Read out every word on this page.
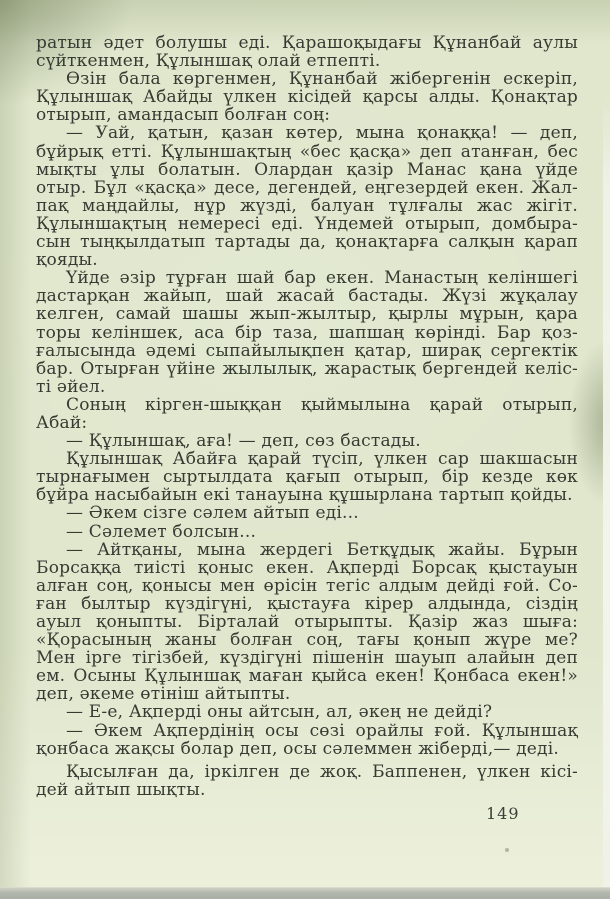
ратын әдет болушы еді. Қарашоқыдағы Құнанбай аулы
сүйткенмен, Құлыншақ олай етпепті.
Өзін бала көргенмен, Құнанбай жібергенін ескеріп,
Құлыншақ Абайды үлкен кісідей қарсы алды. Қонақтар
отырып, амандасып болған соң:
— Уай, қатын, қазан көтер, мына қонаққа! — деп,
бұйрық етті. Құлыншақтың «бес қасқа» деп атанған, бес
мықты ұлы болатын. Олардан қазір Манас қана үйде
отыр. Бұл «қасқа» десе, дегендей, еңгезердей екен. Жал-
пақ маңдайлы, нұр жүзді, балуан тұлғалы жас жігіт.
Құлыншақтың немересі еді. Үндемей отырып, домбыра-
сын тыңқылдатып тартады да, қонақтарға салқын қарап
қояды.
Үйде әзір тұрған шай бар екен. Манастың келіншегі
дастарқан жайып, шай жасай бастады. Жүзі жұқалау
келген, самай шашы жып-жылтыр, қырлы мұрын, қара
торы келіншек, аса бір таза, шапшаң көрінді. Бар қоз-
ғалысында әдемі сыпайылықпен қатар, ширақ сергектік
бар. Отырған үйіне жылылық, жарастық бергендей келіс-
ті әйел.
Соның кірген-шыққан қыймылына қарай отырып,
Абай:
— Құлыншақ, аға! — деп, сөз бастады.
Құлыншақ Абайға қарай түсіп, үлкен сар шакшасын
тырнағымен сыртылдата қағып отырып, бір кезде көк
бұйра насыбайын екі танауына құшырлана тартып қойды.
— Әкем сізге сәлем айтып еді...
— Сәлемет болсын...
— Айтқаны, мына жердегі Бетқұдық жайы. Бұрын
Борсаққа тиісті қоныс екен. Ақперді Борсақ қыстауын
алған соң, қонысы мен өрісін тегіс алдым дейді ғой. Со-
ған былтыр күздігүні, қыстауға кірер алдында, сіздің
ауыл қоныпты. Бірталай отырыпты. Қазір жаз шыға:
«Қорасының жаны болған соң, тағы қонып жүре ме?
Мен ірге тігізбей, күздігүні пішенін шауып алайын деп
ем. Осыны Құлыншақ маған қыйса екен! Қонбаса екен!»
деп, әкеме өтініш айтыпты.
— Е-е, Ақперді оны айтсын, ал, әкең не дейді?
— Әкем Ақпердінің осы сөзі орайлы ғой. Құлыншақ
қонбаса жақсы болар деп, осы сәлеммен жіберді,— деді.
Қысылған да, іркілген де жоқ. Баппенен, үлкен кісі-
дей айтып шықты.
149
